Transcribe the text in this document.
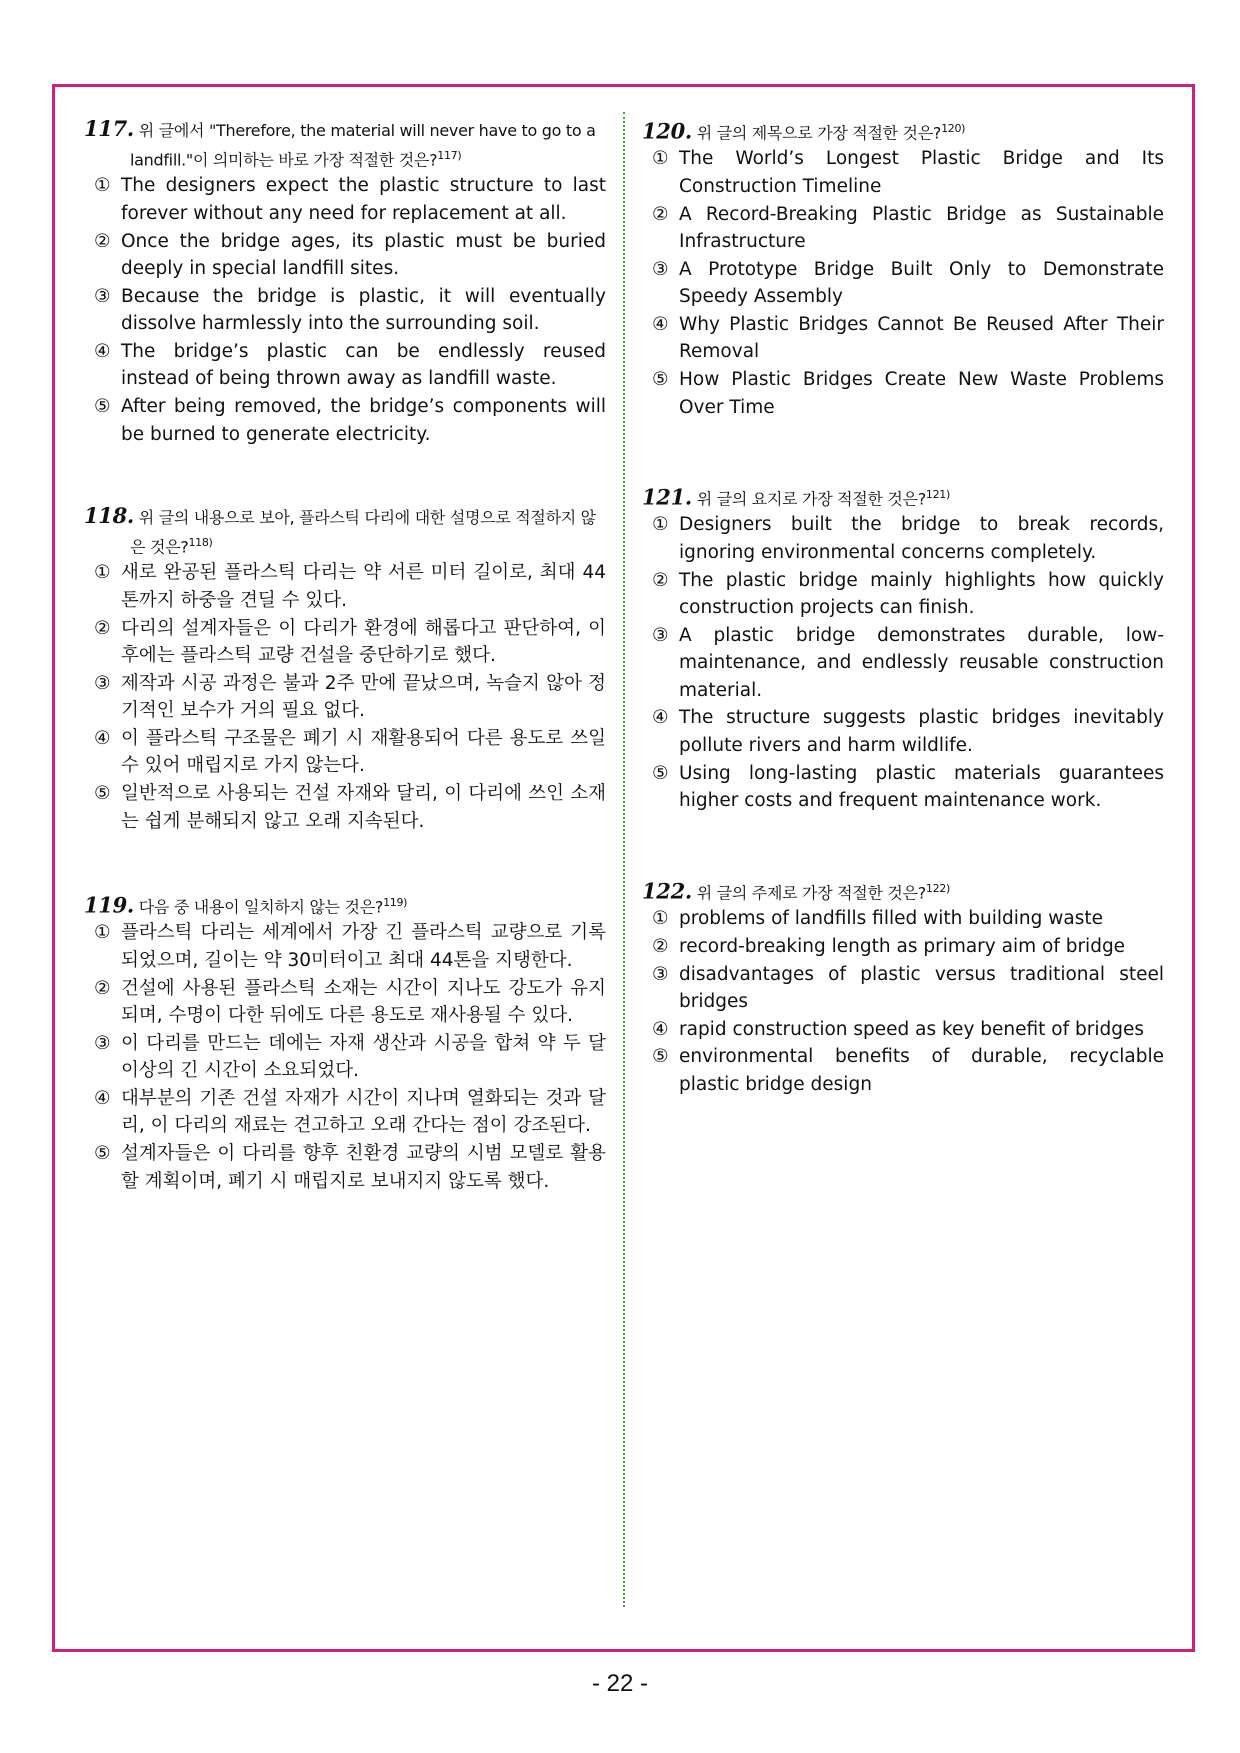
117. 위 글에서 "Therefore, the material will never have to go to a landfill."이 의미하는 바로 가장 적절한 것은?$^{117)}$
① The designers expect the plastic structure to last forever without any need for replacement at all.
② Once the bridge ages, its plastic must be buried deeply in special landfill sites.
③ Because the bridge is plastic, it will eventually dissolve harmlessly into the surrounding soil.
④ The bridge’s plastic can be endlessly reused instead of being thrown away as landfill waste.
⑤ After being removed, the bridge’s components will be burned to generate electricity.
118. 위 글의 내용으로 보아, 플라스틱 다리에 대한 설명으로 적절하지 않은 것은?$^{118)}$
① 새로 완공된 플라스틱 다리는 약 서른 미터 길이로, 최대 44톤까지 하중을 견딜 수 있다.
② 다리의 설계자들은 이 다리가 환경에 해롭다고 판단하여, 이후에는 플라스틱 교량 건설을 중단하기로 했다.
③ 제작과 시공 과정은 불과 2주 만에 끝났으며, 녹슬지 않아 정기적인 보수가 거의 필요 없다.
④ 이 플라스틱 구조물은 폐기 시 재활용되어 다른 용도로 쓰일 수 있어 매립지로 가지 않는다.
⑤ 일반적으로 사용되는 건설 자재와 달리, 이 다리에 쓰인 소재는 쉽게 분해되지 않고 오래 지속된다.
119. 다음 중 내용이 일치하지 않는 것은?$^{119)}$
① 플라스틱 다리는 세계에서 가장 긴 플라스틱 교량으로 기록되었으며, 길이는 약 30미터이고 최대 44톤을 지탱한다.
② 건설에 사용된 플라스틱 소재는 시간이 지나도 강도가 유지되며, 수명이 다한 뒤에도 다른 용도로 재사용될 수 있다.
③ 이 다리를 만드는 데에는 자재 생산과 시공을 합쳐 약 두 달 이상의 긴 시간이 소요되었다.
④ 대부분의 기존 건설 자재가 시간이 지나며 열화되는 것과 달리, 이 다리의 재료는 견고하고 오래 간다는 점이 강조된다.
⑤ 설계자들은 이 다리를 향후 친환경 교량의 시범 모델로 활용할 계획이며, 폐기 시 매립지로 보내지지 않도록 했다.
120. 위 글의 제목으로 가장 적절한 것은?$^{120)}$
① The World’s Longest Plastic Bridge and Its Construction Timeline
② A Record-Breaking Plastic Bridge as Sustainable Infrastructure
③ A Prototype Bridge Built Only to Demonstrate Speedy Assembly
④ Why Plastic Bridges Cannot Be Reused After Their Removal
⑤ How Plastic Bridges Create New Waste Problems Over Time
121. 위 글의 요지로 가장 적절한 것은?$^{121)}$
① Designers built the bridge to break records, ignoring environmental concerns completely.
② The plastic bridge mainly highlights how quickly construction projects can finish.
③ A plastic bridge demonstrates durable, low-maintenance, and endlessly reusable construction material.
④ The structure suggests plastic bridges inevitably pollute rivers and harm wildlife.
⑤ Using long-lasting plastic materials guarantees higher costs and frequent maintenance work.
122. 위 글의 주제로 가장 적절한 것은?$^{122)}$
① problems of landfills filled with building waste
② record-breaking length as primary aim of bridge
③ disadvantages of plastic versus traditional steel bridges
④ rapid construction speed as key benefit of bridges
⑤ environmental benefits of durable, recyclable plastic bridge design
- 22 -
